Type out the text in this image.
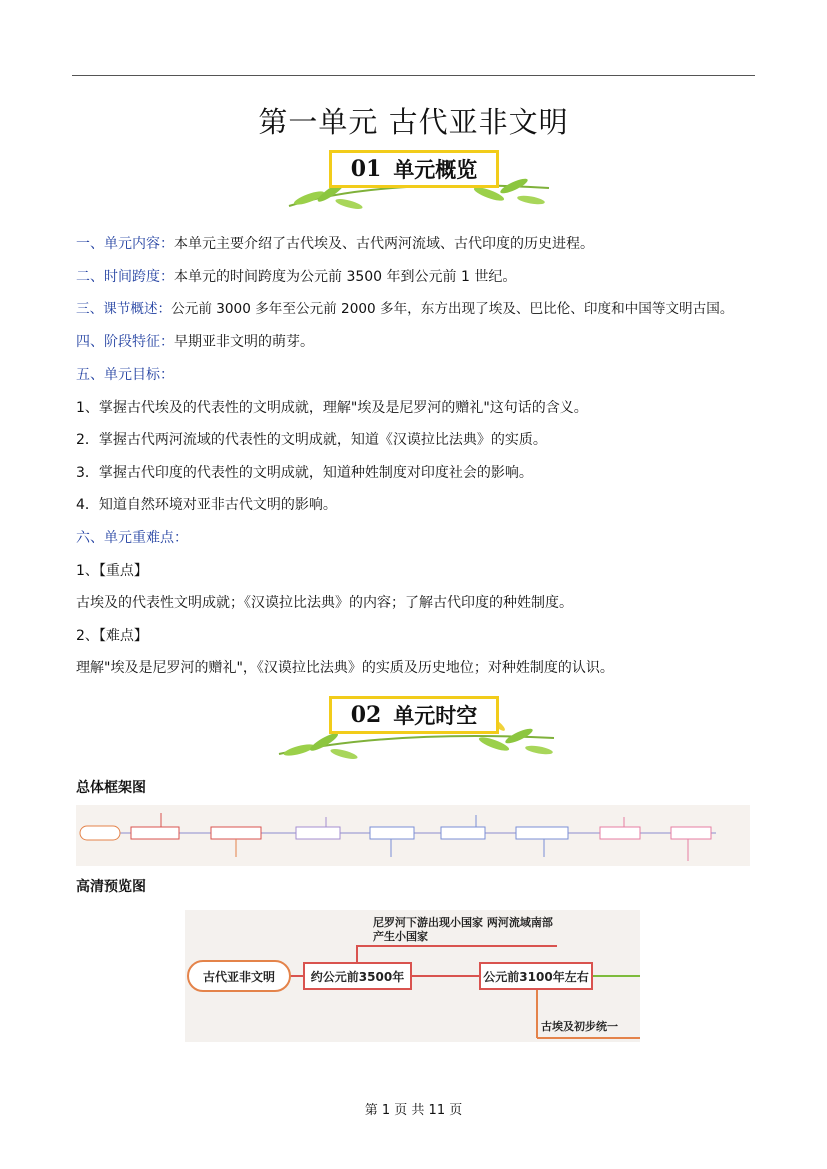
第一单元 古代亚非文明
01 单元概览
一、单元内容：本单元主要介绍了古代埃及、古代两河流域、古代印度的历史进程。
二、时间跨度：本单元的时间跨度为公元前 3500 年到公元前 1 世纪。
三、课节概述：公元前 3000 多年至公元前 2000 多年，东方出现了埃及、巴比伦、印度和中国等文明古国。
四、阶段特征：早期亚非文明的萌芽。
五、单元目标：
1、掌握古代埃及的代表性的文明成就，理解"埃及是尼罗河的赠礼"这句话的含义。
2．掌握古代两河流域的代表性的文明成就，知道《汉谟拉比法典》的实质。
3．掌握古代印度的代表性的文明成就，知道种姓制度对印度社会的影响。
4．知道自然环境对亚非古代文明的影响。
六、单元重难点：
1、【重点】
古埃及的代表性文明成就；《汉谟拉比法典》的内容；了解古代印度的种姓制度。
2、【难点】
理解"埃及是尼罗河的赠礼"，《汉谟拉比法典》的实质及历史地位；对种姓制度的认识。
02 单元时空
总体框架图
高清预览图
古代亚非文明	约公元前3500年	公元前3100年左右
尼罗河下游出现小国家 两河流域南部
产生小国家
古埃及初步统一
第 1 页 共 11 页
